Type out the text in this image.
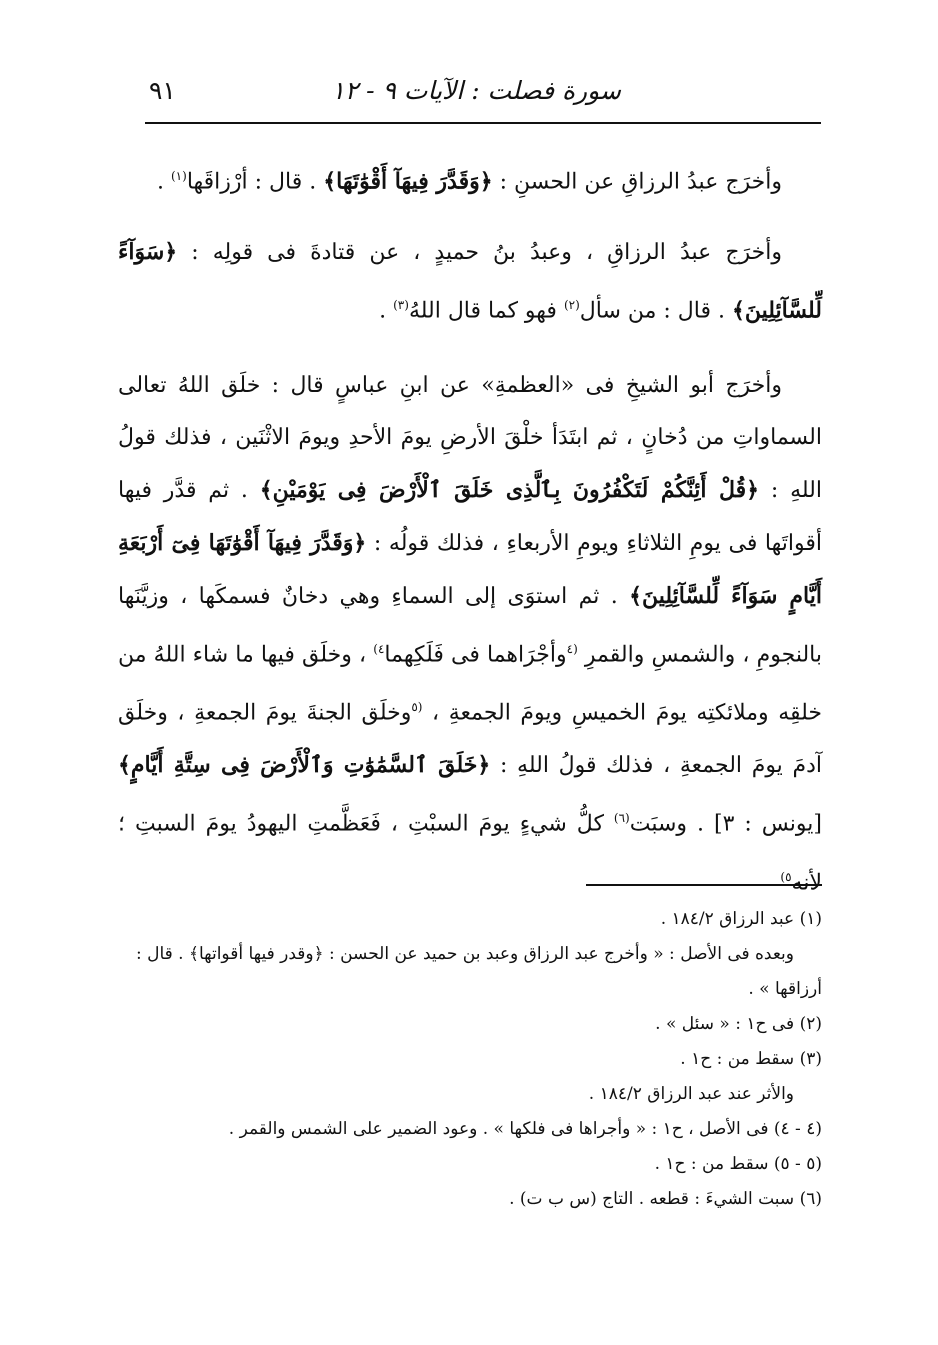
سورة فصلت : الآيات ٩ - ١٢
٩١

وأخرَج عبدُ الرزاقِ عن الحسنِ : ﴿وَقَدَّرَ فِيهَآ أَقْوَٰتَهَا﴾ . قال : أرْزاقَها$^{(١)}$ .

وأخرَج عبدُ الرزاقِ ، وعبدُ بنُ حميدٍ ، عن قتادةَ فى قولِه : ﴿سَوَآءً لِّلسَّآئِلِينَ﴾ . قال : من سأل$^{(٢)}$ فهو كما قال اللهُ$^{(٣)}$ .

وأخرَج أبو الشيخِ فى «العظمةِ» عن ابنِ عباسٍ قال : خلَق اللهُ تعالى السماواتِ من دُخانٍ ، ثم ابتَدَأ خلْقَ الأرضِ يومَ الأحدِ ويومَ الاثْنَين ، فذلك قولُ اللهِ : ﴿قُلْ أَئِنَّكُمْ لَتَكْفُرُونَ بِٱلَّذِى خَلَقَ ٱلْأَرْضَ فِى يَوْمَيْنِ﴾ . ثم قدَّر فيها أقواتَها فى يومِ الثلاثاءِ ويومِ الأربعاءِ ، فذلك قولُه : ﴿وَقَدَّرَ فِيهَآ أَقْوَٰتَهَا فِىٓ أَرْبَعَةِ أَيَّامٍ سَوَآءً لِّلسَّآئِلِينَ﴾ . ثم استوَى إلى السماءِ وهي دخانٌ فسمكَها ، وزيَّنَها بالنجومِ ، والشمسِ والقمرِ $^{(٤}$وأجْرَاهما فى فَلَكِهما$^{٤)}$ ، وخلَق فيها ما شاء اللهُ من خلقِه وملائكتِه يومَ الخميسِ ويومَ الجمعةِ ، $^{(٥}$وخلَق الجنةَ يومَ الجمعةِ ، وخلَق آدمَ يومَ الجمعةِ ، فذلك قولُ اللهِ : ﴿خَلَقَ ٱلسَّمَٰوَٰتِ وَٱلْأَرْضَ فِى سِتَّةِ أَيَّامٍ﴾ [يونس : ٣] . وسبَت$^{(٦)}$ كلُّ شيءٍ يومَ السبْتِ ، فَعَظَّمتِ اليهودُ يومَ السبتِ ؛ لأنه$^{٥)}$

(١) عبد الرزاق ١٨٤/٢ .
وبعده فى الأصل : « وأخرج عبد الرزاق وعبد بن حميد عن الحسن : ﴿وقدر فيها أقواتها﴾ . قال :
أرزاقها » .
(٢) فى ح١ : « سئل » .
(٣) سقط من : ح١ .
والأثر عند عبد الرزاق ١٨٤/٢ .
(٤ - ٤) فى الأصل ، ح١ : « وأجراها فى فلكها » . وعود الضمير على الشمس والقمر .
(٥ - ٥) سقط من : ح١ .
(٦) سبت الشيءَ : قطعه . التاج (س ب ت) .
